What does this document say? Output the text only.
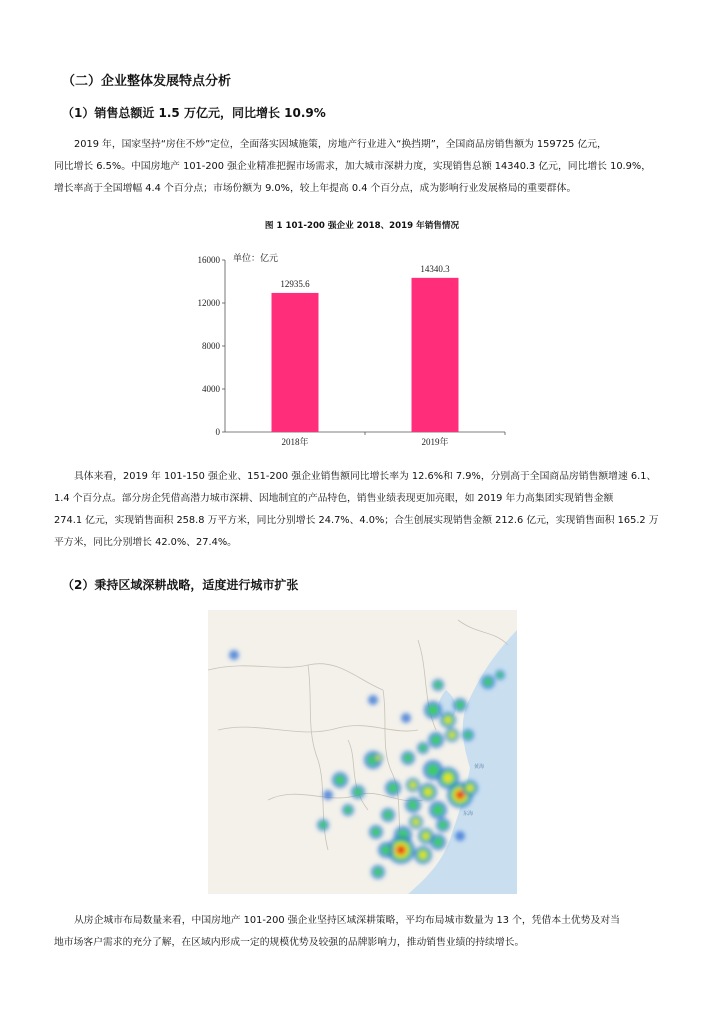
（二）企业整体发展特点分析
（1）销售总额近 1.5 万亿元，同比增长 10.9%
2019 年，国家坚持“房住不炒”定位，全面落实因城施策，房地产行业进入“换挡期”，全国商品房销售额为 159725 亿元，
同比增长 6.5%。中国房地产 101-200 强企业精准把握市场需求，加大城市深耕力度，实现销售总额 14340.3 亿元，同比增长 10.9%，
增长率高于全国增幅 4.4 个百分点；市场份额为 9.0%，较上年提高 0.4 个百分点，成为影响行业发展格局的重要群体。
图 1 101-200 强企业 2018、2019 年销售情况
0
4000
8000
12000
16000 单位：亿元
12935.6
2018年
14340.3
2019年
具体来看，2019 年 101-150 强企业、151-200 强企业销售额同比增长率为 12.6%和 7.9%，分别高于全国商品房销售额增速 6.1、
1.4 个百分点。部分房企凭借高潜力城市深耕、因地制宜的产品特色，销售业绩表现更加亮眼，如 2019 年力高集团实现销售金额
274.1 亿元，实现销售面积 258.8 万平方米，同比分别增长 24.7%、4.0%；合生创展实现销售金额 212.6 亿元，实现销售面积 165.2 万
平方米，同比分别增长 42.0%、27.4%。
（2）秉持区域深耕战略，适度进行城市扩张
黄海
东海
从房企城市布局数量来看，中国房地产 101-200 强企业坚持区域深耕策略，平均布局城市数量为 13 个，凭借本土优势及对当
地市场客户需求的充分了解，在区域内形成一定的规模优势及较强的品牌影响力，推动销售业绩的持续增长。
